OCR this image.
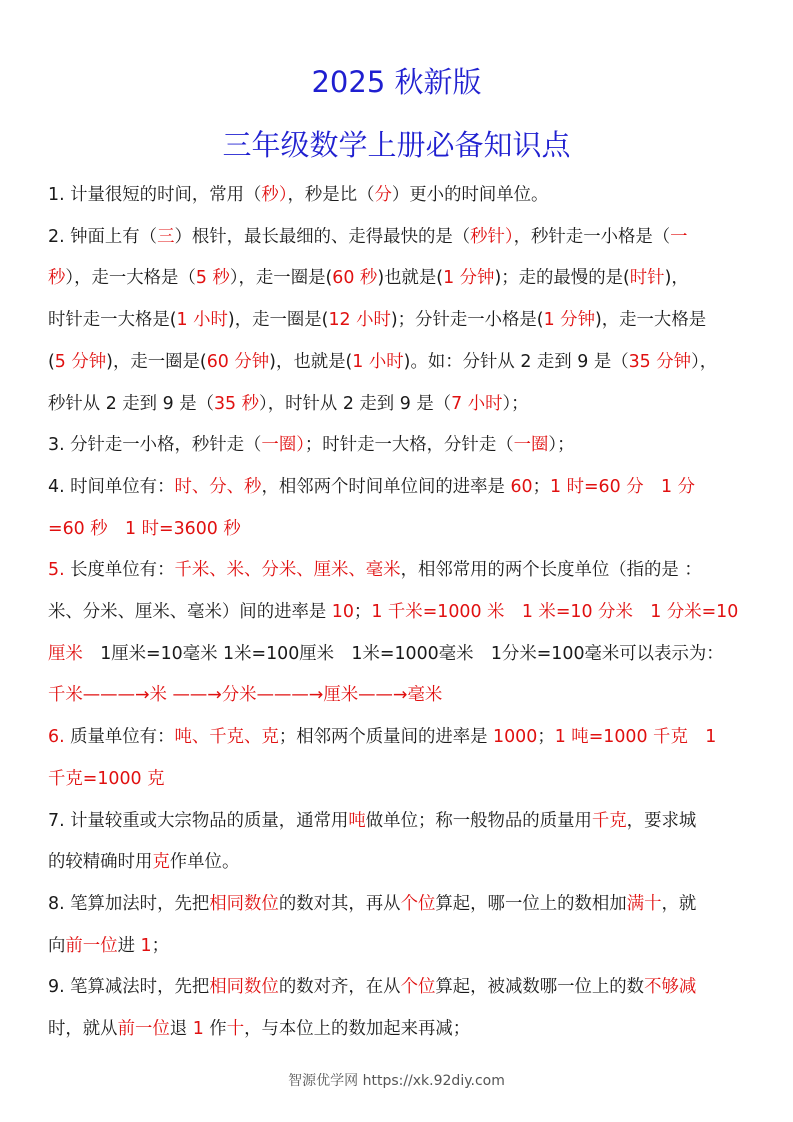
2025 秋新版
三年级数学上册必备知识点

1. 计量很短的时间，常用（秒），秒是比（分）更小的时间单位。

2. 钟面上有（三）根针，最长最细的、走得最快的是（秒针），秒针走一小格是（一

秒），走一大格是（5 秒），走一圈是(60 秒)也就是(1 分钟)；走的最慢的是(时针)，

时针走一大格是(1 小时)，走一圈是(12 小时)；分针走一小格是(1 分钟)，走一大格是

(5 分钟)，走一圈是(60 分钟)，也就是(1 小时)。如：分针从 2 走到 9 是（35 分钟），

秒针从 2 走到 9 是（35 秒），时针从 2 走到 9 是（7 小时）；

3. 分针走一小格，秒针走（一圈）；时针走一大格，分针走（一圈）；

4. 时间单位有：时、分、秒，相邻两个时间单位间的进率是 60；1 时=60 分　1 分

=60 秒　1 时=3600 秒

5. 长度单位有：千米、米、分米、厘米、毫米，相邻常用的两个长度单位（指的是 ：

米、分米、厘米、毫米）间的进率是 10；1 千米=1000 米　1 米=10 分米　1 分米=10

厘米　1厘米=10毫米 1米=100厘米　1米=1000毫米　1分米=100毫米可以表示为：

千米———→米 ——→分米———→厘米——→毫米

6. 质量单位有：吨、千克、克；相邻两个质量间的进率是 1000；1 吨=1000 千克　1

千克=1000 克

7. 计量较重或大宗物品的质量，通常用吨做单位；称一般物品的质量用千克，要求城

的较精确时用克作单位。

8. 笔算加法时，先把相同数位的数对其，再从个位算起，哪一位上的数相加满十，就

向前一位进 1；

9. 笔算减法时，先把相同数位的数对齐，在从个位算起，被减数哪一位上的数不够减

时，就从前一位退 1 作十，与本位上的数加起来再减；

智源优学网 https://xk.92diy.com
